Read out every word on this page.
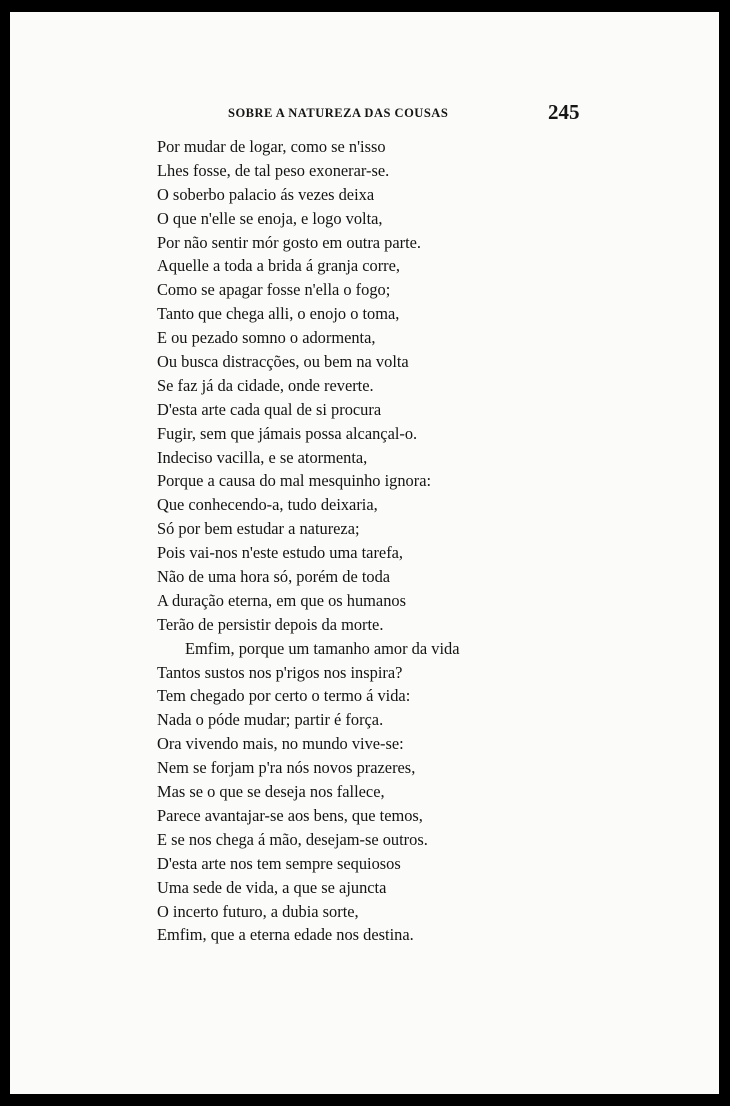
SOBRE A NATUREZA DAS COUSAS	245
Por mudar de logar, como se n'isso
Lhes fosse, de tal peso exonerar-se.
O soberbo palacio ás vezes deixa
O que n'elle se enoja, e logo volta,
Por não sentir mór gosto em outra parte.
Aquelle a toda a brida á granja corre,
Como se apagar fosse n'ella o fogo;
Tanto que chega alli, o enojo o toma,
E ou pezado somno o adormenta,
Ou busca distracções, ou bem na volta
Se faz já da cidade, onde reverte.
D'esta arte cada qual de si procura
Fugir, sem que jámais possa alcançal-o.
Indeciso vacilla, e se atormenta,
Porque a causa do mal mesquinho ignora:
Que conhecendo-a, tudo deixaria,
Só por bem estudar a natureza;
Pois vai-nos n'este estudo uma tarefa,
Não de uma hora só, porém de toda
A duração eterna, em que os humanos
Terão de persistir depois da morte.
Emfim, porque um tamanho amor da vida
Tantos sustos nos p'rigos nos inspira?
Tem chegado por certo o termo á vida:
Nada o póde mudar; partir é força.
Ora vivendo mais, no mundo vive-se:
Nem se forjam p'ra nós novos prazeres,
Mas se o que se deseja nos fallece,
Parece avantajar-se aos bens, que temos,
E se nos chega á mão, desejam-se outros.
D'esta arte nos tem sempre sequiosos
Uma sede de vida, a que se ajuncta
O incerto futuro, a dubia sorte,
Emfim, que a eterna edade nos destina.
